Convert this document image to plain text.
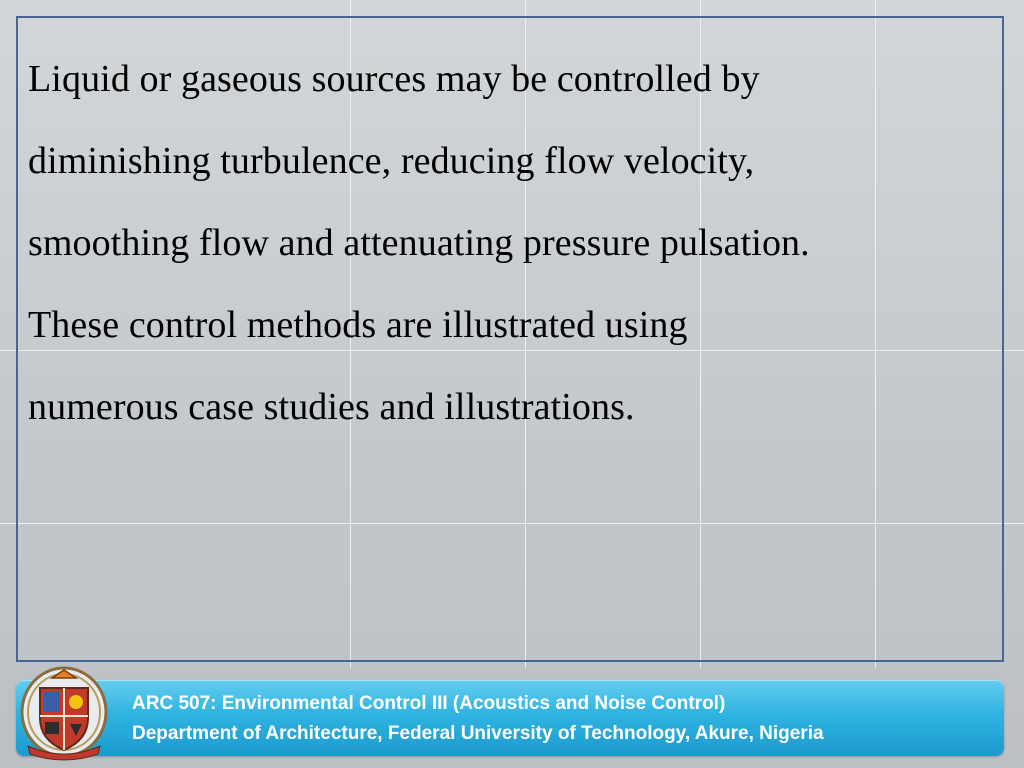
Liquid or gaseous sources may be controlled by
diminishing turbulence, reducing flow velocity,
smoothing flow and attenuating pressure pulsation.
These control methods are illustrated using
numerous case studies and illustrations.

ARC 507: Environmental Control III (Acoustics and Noise Control)
Department of Architecture, Federal University of Technology, Akure, Nigeria
